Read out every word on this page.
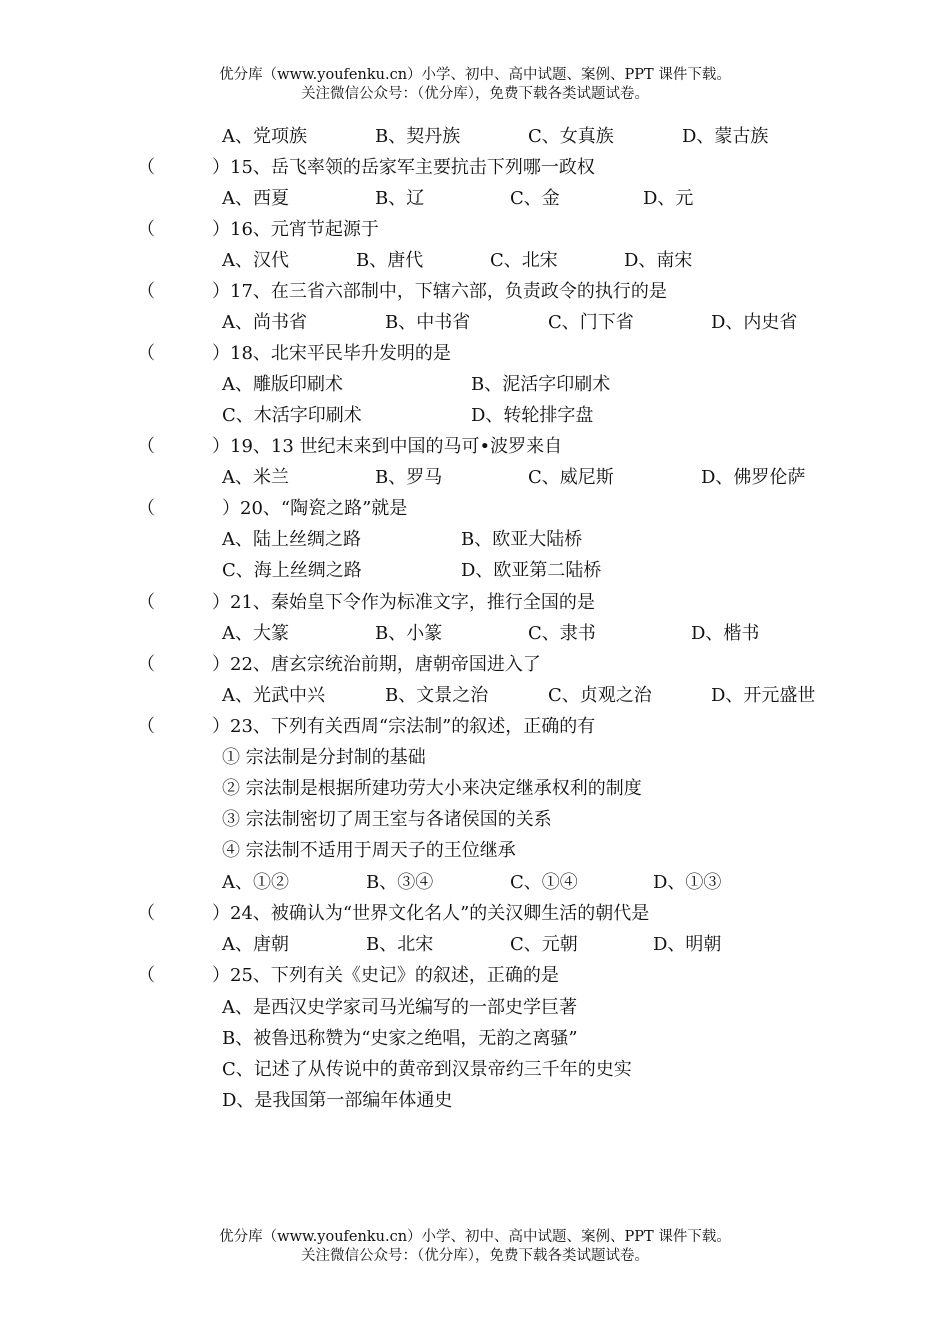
优分库（www.youfenku.cn）小学、初中、高中试题、案例、PPT 课件下载。
关注微信公众号：（优分库），免费下载各类试题试卷。
A、党项族	B、契丹族	C、女真族	D、蒙古族
（	）15、岳飞率领的岳家军主要抗击下列哪一政权
A、西夏	B、辽	C、金	D、元
（	）16、元宵节起源于
A、汉代	B、唐代	C、北宋	D、南宋
（	）17、在三省六部制中，下辖六部，负责政令的执行的是
A、尚书省	B、中书省	C、门下省	D、内史省
（	）18、北宋平民毕升发明的是
A、雕版印刷术	B、泥活字印刷术
C、木活字印刷术	D、转轮排字盘
（	）19、13 世纪末来到中国的马可•波罗来自
A、米兰	B、罗马	C、威尼斯	D、佛罗伦萨
（	）20、“陶瓷之路”就是
A、陆上丝绸之路	B、欧亚大陆桥
C、海上丝绸之路	D、欧亚第二陆桥
（	）21、秦始皇下令作为标准文字，推行全国的是
A、大篆	B、小篆	C、隶书	D、楷书
（	）22、唐玄宗统治前期，唐朝帝国进入了
A、光武中兴	B、文景之治	C、贞观之治	D、开元盛世
（	）23、下列有关西周“宗法制”的叙述，正确的有
① 宗法制是分封制的基础
② 宗法制是根据所建功劳大小来决定继承权利的制度
③ 宗法制密切了周王室与各诸侯国的关系
④ 宗法制不适用于周天子的王位继承
A、①②	B、③④	C、①④	D、①③
（	）24、被确认为“世界文化名人”的关汉卿生活的朝代是
A、唐朝	B、北宋	C、元朝	D、明朝
（	）25、下列有关《史记》的叙述，正确的是
A、是西汉史学家司马光编写的一部史学巨著
B、被鲁迅称赞为“史家之绝唱，无韵之离骚”
C、记述了从传说中的黄帝到汉景帝约三千年的史实
D、是我国第一部编年体通史
优分库（www.youfenku.cn）小学、初中、高中试题、案例、PPT 课件下载。
关注微信公众号：（优分库），免费下载各类试题试卷。
